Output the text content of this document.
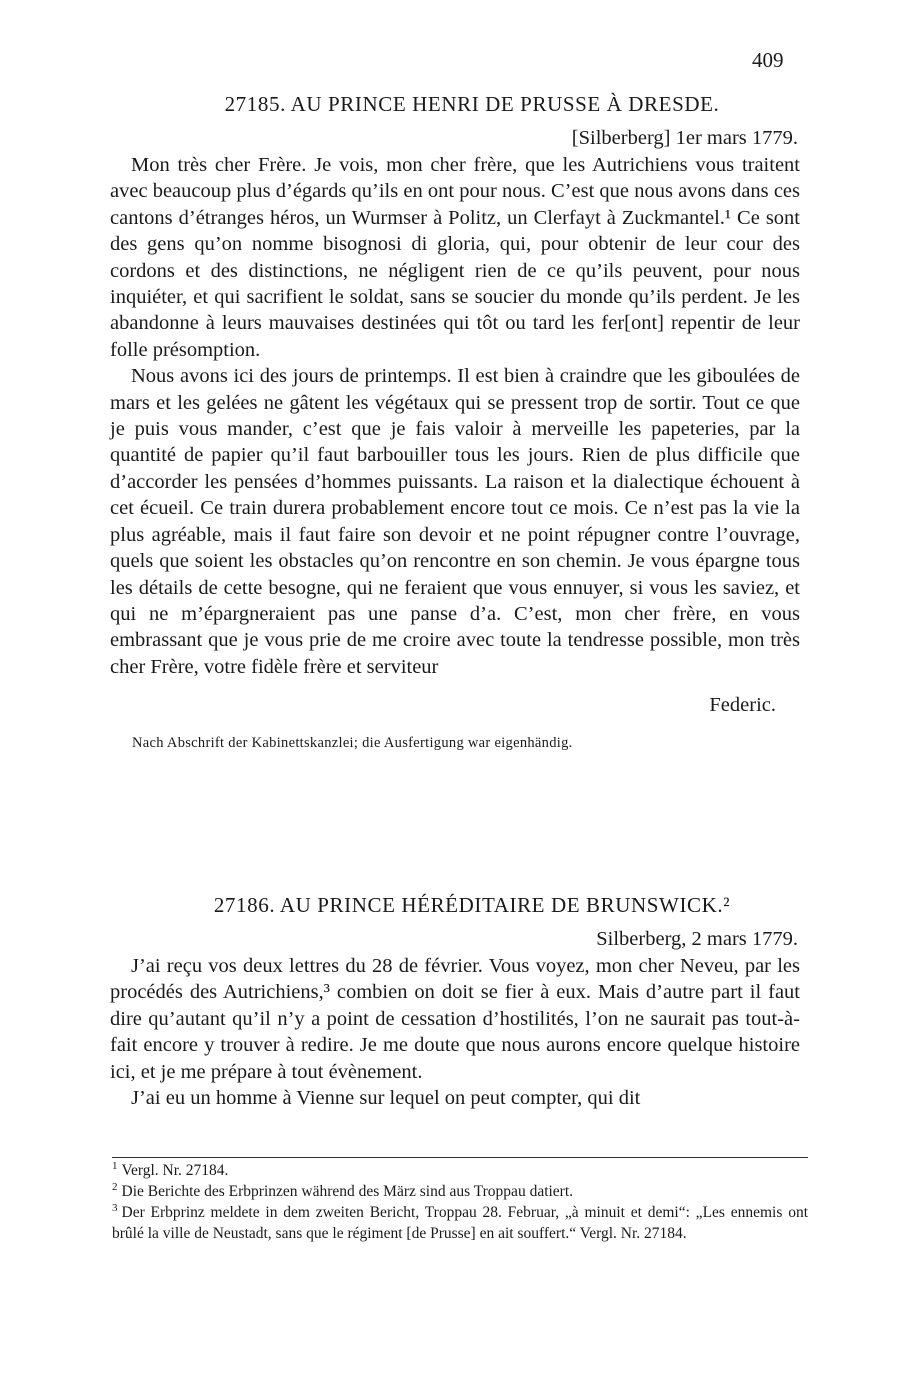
409
27185. AU PRINCE HENRI DE PRUSSE À DRESDE.
[Silberberg] 1er mars 1779.

Mon très cher Frère. Je vois, mon cher frère, que les Autrichiens vous traitent avec beaucoup plus d’égards qu’ils en ont pour nous. C’est que nous avons dans ces cantons d’étranges héros, un Wurmser à Politz, un Clerfayt à Zuckmantel.¹ Ce sont des gens qu’on nomme bisognosi di gloria, qui, pour obtenir de leur cour des cordons et des distinctions, ne négligent rien de ce qu’ils peuvent, pour nous inquiéter, et qui sacrifient le soldat, sans se soucier du monde qu’ils perdent. Je les abandonne à leurs mauvaises destinées qui tôt ou tard les fer[ont] repentir de leur folle présomption.

Nous avons ici des jours de printemps. Il est bien à craindre que les giboulées de mars et les gelées ne gâtent les végétaux qui se pressent trop de sortir. Tout ce que je puis vous mander, c’est que je fais valoir à merveille les papeteries, par la quantité de papier qu’il faut barbouiller tous les jours. Rien de plus difficile que d’accorder les pensées d’hommes puissants. La raison et la dialectique échouent à cet écueil. Ce train durera probablement encore tout ce mois. Ce n’est pas la vie la plus agréable, mais il faut faire son devoir et ne point répugner contre l’ouvrage, quels que soient les obstacles qu’on rencontre en son chemin. Je vous épargne tous les détails de cette besogne, qui ne feraient que vous ennuyer, si vous les saviez, et qui ne m’épargneraient pas une panse d’a. C’est, mon cher frère, en vous embrassant que je vous prie de me croire avec toute la tendresse possible, mon très cher Frère, votre fidèle frère et serviteur

Federic.
Nach Abschrift der Kabinettskanzlei; die Ausfertigung war eigenhändig.
27186. AU PRINCE HÉRÉDITAIRE DE BRUNSWICK.²
Silberberg, 2 mars 1779.

J’ai reçu vos deux lettres du 28 de février. Vous voyez, mon cher Neveu, par les procédés des Autrichiens,³ combien on doit se fier à eux. Mais d’autre part il faut dire qu’autant qu’il n’y a point de cessation d’hostilités, l’on ne saurait pas tout-à-fait encore y trouver à redire. Je me doute que nous aurons encore quelque histoire ici, et je me prépare à tout évènement.

J’ai eu un homme à Vienne sur lequel on peut compter, qui dit

$^1$ Vergl. Nr. 27184.

$^2$ Die Berichte des Erbprinzen während des März sind aus Troppau datiert.

$^3$ Der Erbprinz meldete in dem zweiten Bericht, Troppau 28. Februar, „à minuit et demi“: „Les ennemis ont brûlé la ville de Neustadt, sans que le régiment [de Prusse] en ait souffert.“ Vergl. Nr. 27184.
